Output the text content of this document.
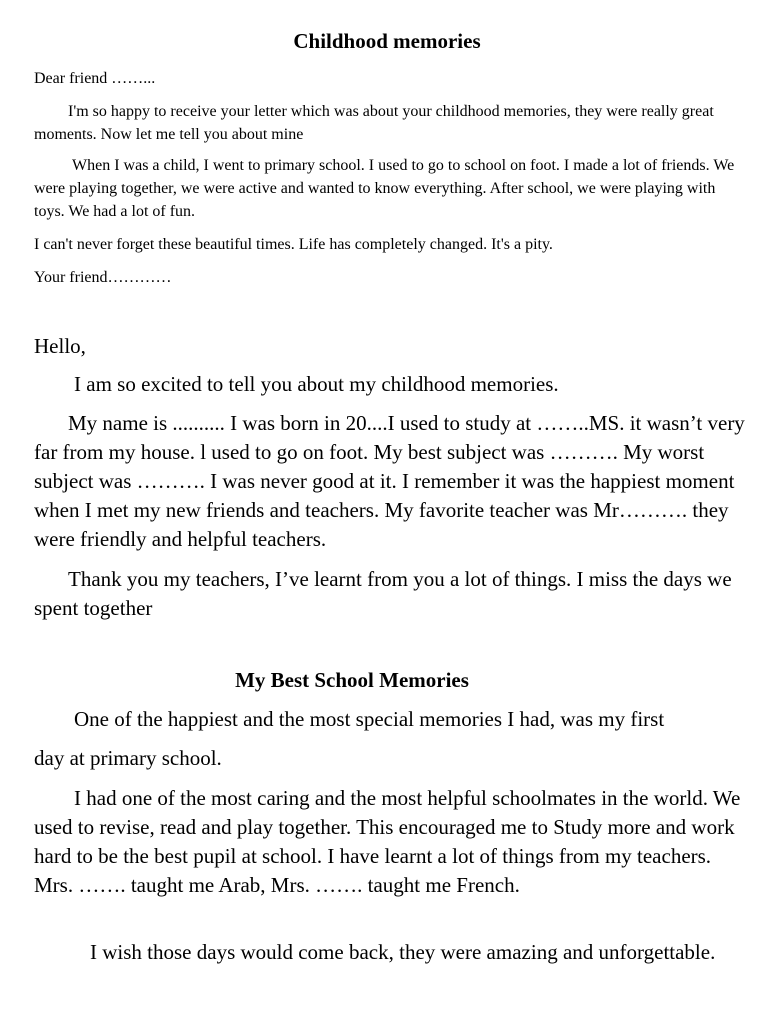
Childhood memories

Dear friend ……...

I'm so happy to receive your letter which was about your childhood memories, they were really great moments. Now let me tell you about mine

When I was a child, I went to primary school. I used to go to school on foot. I made a lot of friends. We were playing together, we were active and wanted to know everything. After school, we were playing with toys. We had a lot of fun.

I can't never forget these beautiful times. Life has completely changed. It's a pity.

Your friend…………

Hello,

I am so excited to tell you about my childhood memories.

My name is .......... I was born in 20....I used to study at ……..MS. it wasn’t very far from my house. l used to go on foot. My best subject was ………. My worst subject was ………. I was never good at it. I remember it was the happiest moment when I met my new friends and teachers. My favorite teacher was Mr………. they were friendly and helpful teachers.

Thank you my teachers, I’ve learnt from you a lot of things. I miss the days we spent together

My Best School Memories

One of the happiest and the most special memories I had, was my first

day at primary school.

I had one of the most caring and the most helpful schoolmates in the world. We used to revise, read and play together. This encouraged me to Study more and work hard to be the best pupil at school. I have learnt a lot of things from my teachers. Mrs. ……. taught me Arab, Mrs. ……. taught me French.

I wish those days would come back, they were amazing and unforgettable.
